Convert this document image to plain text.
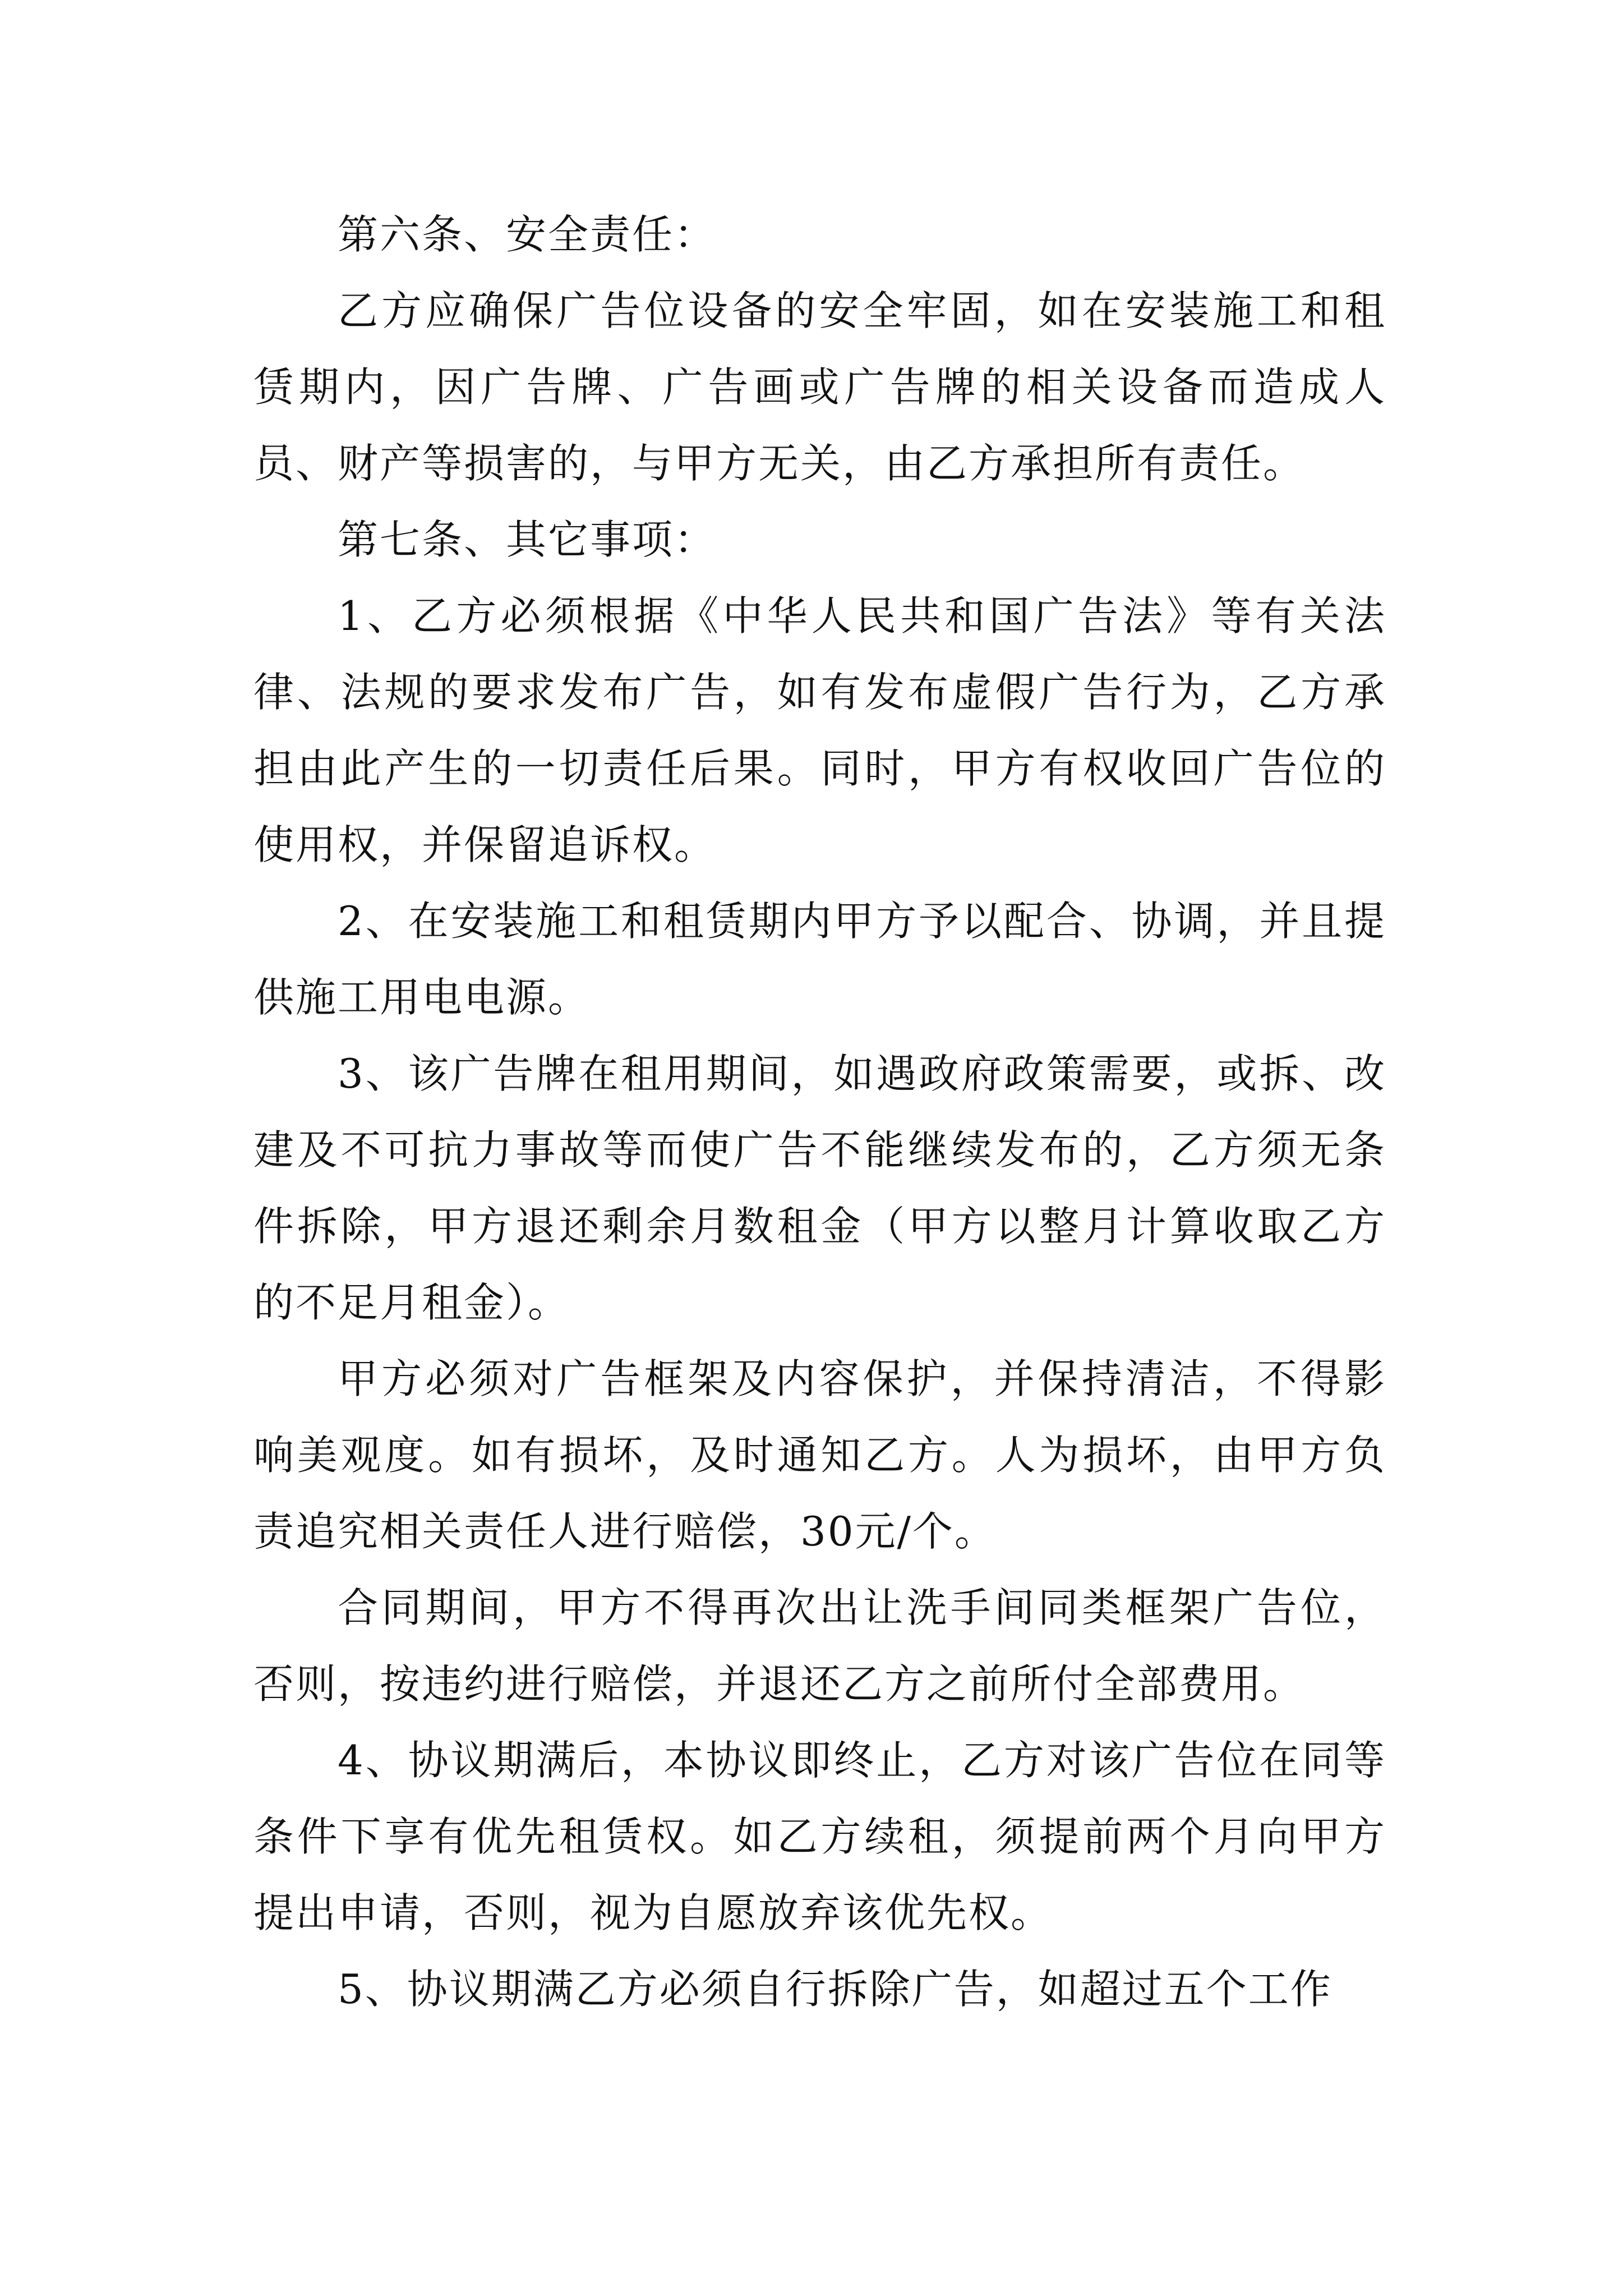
第六条、安全责任：

乙方应确保广告位设备的安全牢固，如在安装施工和租赁期内，因广告牌、广告画或广告牌的相关设备而造成人员、财产等损害的，与甲方无关，由乙方承担所有责任。

第七条、其它事项：

1、乙方必须根据《中华人民共和国广告法》等有关法律、法规的要求发布广告，如有发布虚假广告行为，乙方承担由此产生的一切责任后果。同时，甲方有权收回广告位的使用权，并保留追诉权。

2、在安装施工和租赁期内甲方予以配合、协调，并且提供施工用电电源。

3、该广告牌在租用期间，如遇政府政策需要，或拆、改建及不可抗力事故等而使广告不能继续发布的，乙方须无条件拆除，甲方退还剩余月数租金（甲方以整月计算收取乙方的不足月租金）。

甲方必须对广告框架及内容保护，并保持清洁，不得影响美观度。如有损坏，及时通知乙方。人为损坏，由甲方负责追究相关责任人进行赔偿，30元/个。

合同期间，甲方不得再次出让洗手间同类框架广告位，否则，按违约进行赔偿，并退还乙方之前所付全部费用。

4、协议期满后，本协议即终止，乙方对该广告位在同等条件下享有优先租赁权。如乙方续租，须提前两个月向甲方提出申请，否则，视为自愿放弃该优先权。

5、协议期满乙方必须自行拆除广告，如超过五个工作
